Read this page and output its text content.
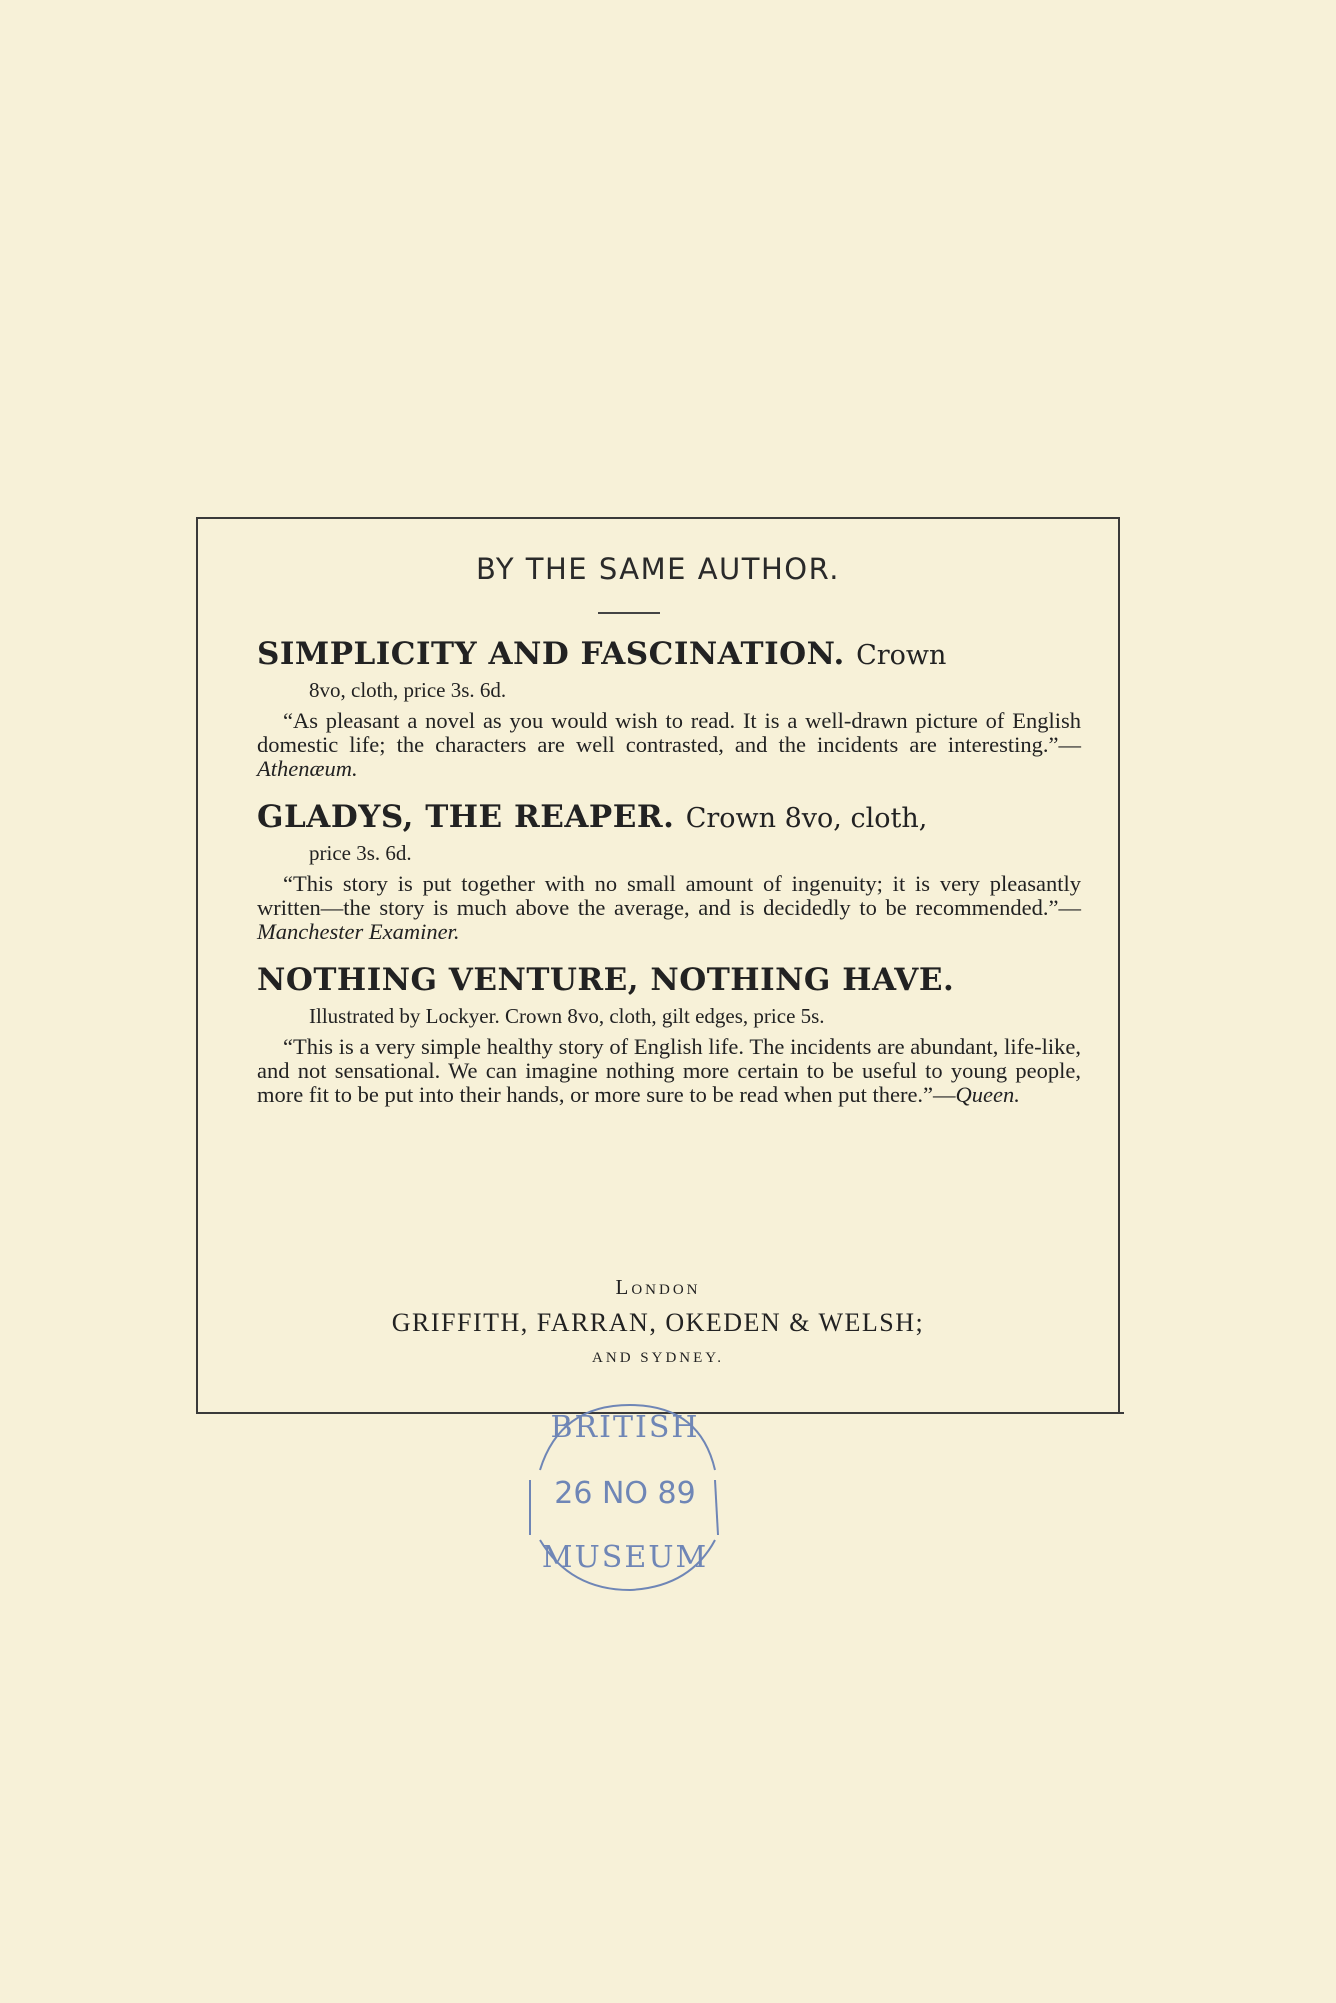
BY THE SAME AUTHOR.

SIMPLICITY AND FASCINATION. Crown

8vo, cloth, price 3s. 6d.
“As pleasant a novel as you would wish to read. It is a well-drawn picture of English domestic life; the characters are well contrasted, and the incidents are interesting.”—Athenæum.

GLADYS, THE REAPER. Crown 8vo, cloth,

price 3s. 6d.
“This story is put together with no small amount of ingenuity; it is very pleasantly written—the story is much above the average, and is decidedly to be recommended.”—Manchester Examiner.

NOTHING VENTURE, NOTHING HAVE.

Illustrated by Lockyer. Crown 8vo, cloth, gilt edges, price 5s.
“This is a very simple healthy story of English life. The incidents are abundant, life-like, and not sensational. We can imagine nothing more certain to be useful to young people, more fit to be put into their hands, or more sure to be read when put there.”—Queen.
London
GRIFFITH, FARRAN, OKEDEN & WELSH;
AND SYDNEY.
BRITISH
26 NO 89
MUSEUM
